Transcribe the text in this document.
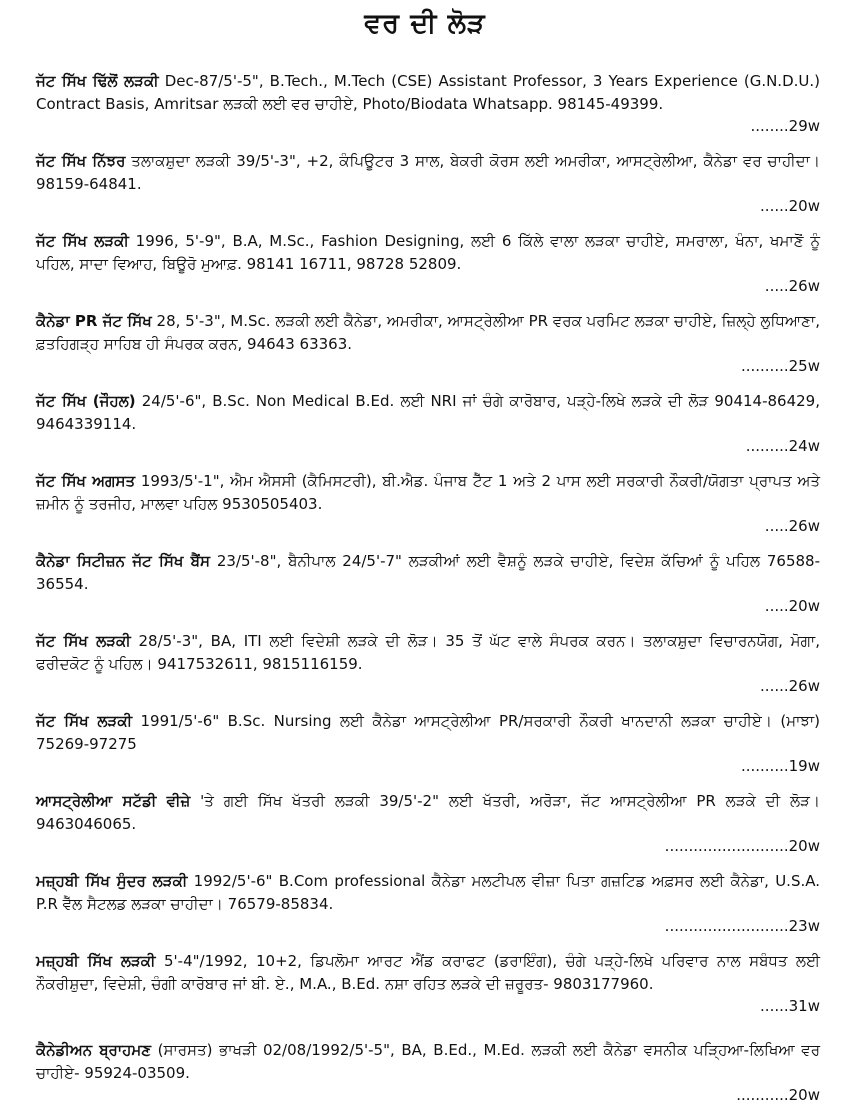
ਵਰ ਦੀ ਲੋੜ
ਜੱਟ ਸਿੱਖ ਢਿੱਲੋਂ ਲੜਕੀ Dec-87/5'-5", B.Tech., M.Tech (CSE) Assistant Professor, 3 Years Experience (G.N.D.U.) Contract Basis, Amritsar ਲੜਕੀ ਲਈ ਵਰ ਚਾਹੀਏ, Photo/Biodata Whatsapp. 98145-49399.
........29w
ਜੱਟ ਸਿੱਖ ਨਿੱਝਰ ਤਲਾਕਸ਼ੁਦਾ ਲੜਕੀ 39/5'-3", +2, ਕੰਪਿਊਟਰ 3 ਸਾਲ, ਬੇਕਰੀ ਕੋਰਸ ਲਈ ਅਮਰੀਕਾ, ਆਸਟ੍ਰੇਲੀਆ, ਕੈਨੇਡਾ ਵਰ ਚਾਹੀਦਾ। 98159-64841.
......20w
ਜੱਟ ਸਿੱਖ ਲੜਕੀ 1996, 5'-9", B.A, M.Sc., Fashion Designing, ਲਈ 6 ਕਿੱਲੇ ਵਾਲਾ ਲੜਕਾ ਚਾਹੀਏ, ਸਮਰਾਲਾ, ਖੰਨਾ, ਖਮਾਣੋਂ ਨੂੰ ਪਹਿਲ, ਸਾਦਾ ਵਿਆਹ, ਬਿਊਰੋ ਮੁਆਫ਼. 98141 16711, 98728 52809.
.....26w
ਕੈਨੇਡਾ PR ਜੱਟ ਸਿੱਖ 28, 5'-3", M.Sc. ਲੜਕੀ ਲਈ ਕੈਨੇਡਾ, ਅਮਰੀਕਾ, ਆਸਟ੍ਰੇਲੀਆ PR ਵਰਕ ਪਰਮਿਟ ਲੜਕਾ ਚਾਹੀਏ, ਜ਼ਿਲ੍ਹੇ ਲੁਧਿਆਣਾ, ਫ਼ਤਹਿਗੜ੍ਹ ਸਾਹਿਬ ਹੀ ਸੰਪਰਕ ਕਰਨ, 94643 63363.
..........25w
ਜੱਟ ਸਿੱਖ (ਜੌਹਲ) 24/5'-6", B.Sc. Non Medical B.Ed. ਲਈ NRI ਜਾਂ ਚੰਗੇ ਕਾਰੋਬਾਰ, ਪੜ੍ਹੇ-ਲਿਖੇ ਲੜਕੇ ਦੀ ਲੋੜ 90414-86429, 9464339114.
.........24w
ਜੱਟ ਸਿੱਖ ਅਗਸਤ 1993/5'-1", ਐਮ ਐਸਸੀ (ਕੈਮਿਸਟਰੀ), ਬੀ.ਐਡ. ਪੰਜਾਬ ਟੈੱਟ 1 ਅਤੇ 2 ਪਾਸ ਲਈ ਸਰਕਾਰੀ ਨੌਕਰੀ/ਯੋਗਤਾ ਪ੍ਰਾਪਤ ਅਤੇ ਜ਼ਮੀਨ ਨੂੰ ਤਰਜੀਹ, ਮਾਲਵਾ ਪਹਿਲ 9530505403.
.....26w
ਕੈਨੇਡਾ ਸਿਟੀਜ਼ਨ ਜੱਟ ਸਿੱਖ ਬੈਂਸ 23/5'-8", ਬੈਨੀਪਾਲ 24/5'-7" ਲੜਕੀਆਂ ਲਈ ਵੈਸ਼ਨੂੰ ਲੜਕੇ ਚਾਹੀਏ, ਵਿਦੇਸ਼ ਕੱਚਿਆਂ ਨੂੰ ਪਹਿਲ 76588-36554.
.....20w
ਜੱਟ ਸਿੱਖ ਲੜਕੀ 28/5'-3", BA, ITI ਲਈ ਵਿਦੇਸ਼ੀ ਲੜਕੇ ਦੀ ਲੋੜ। 35 ਤੋਂ ਘੱਟ ਵਾਲੇ ਸੰਪਰਕ ਕਰਨ। ਤਲਾਕਸ਼ੁਦਾ ਵਿਚਾਰਨਯੋਗ, ਮੋਗਾ, ਫਰੀਦਕੋਟ ਨੂੰ ਪਹਿਲ। 9417532611, 9815116159.
......26w
ਜੱਟ ਸਿੱਖ ਲੜਕੀ 1991/5'-6" B.Sc. Nursing ਲਈ ਕੈਨੇਡਾ ਆਸਟ੍ਰੇਲੀਆ PR/ਸਰਕਾਰੀ ਨੌਕਰੀ ਖਾਨਦਾਨੀ ਲੜਕਾ ਚਾਹੀਏ। (ਮਾਝਾ) 75269-97275
..........19w
ਆਸਟ੍ਰੇਲੀਆ ਸਟੱਡੀ ਵੀਜ਼ੇ 'ਤੇ ਗਈ ਸਿੱਖ ਖੱਤਰੀ ਲੜਕੀ 39/5'-2" ਲਈ ਖੱਤਰੀ, ਅਰੋੜਾ, ਜੱਟ ਆਸਟ੍ਰੇਲੀਆ PR ਲੜਕੇ ਦੀ ਲੋੜ। 9463046065.
..........................20w
ਮਜ਼੍ਹਬੀ ਸਿੱਖ ਸੁੰਦਰ ਲੜਕੀ 1992/5'-6" B.Com professional ਕੈਨੇਡਾ ਮਲਟੀਪਲ ਵੀਜ਼ਾ ਪਿਤਾ ਗਜ਼ਟਿਡ ਅਫ਼ਸਰ ਲਈ ਕੈਨੇਡਾ, U.S.A. P.R ਵੈੱਲ ਸੈਟਲਡ ਲੜਕਾ ਚਾਹੀਦਾ। 76579-85834.
..........................23w
ਮਜ਼੍ਹਬੀ ਸਿੱਖ ਲੜਕੀ 5'-4"/1992, 10+2, ਡਿਪਲੋਮਾ ਆਰਟ ਐਂਡ ਕਰਾਫਟ (ਡਰਾਇੰਗ), ਚੰਗੇ ਪੜ੍ਹੇ-ਲਿਖੇ ਪਰਿਵਾਰ ਨਾਲ ਸਬੰਧਤ ਲਈ ਨੌਕਰੀਸ਼ੁਦਾ, ਵਿਦੇਸ਼ੀ, ਚੰਗੀ ਕਾਰੋਬਾਰ ਜਾਂ ਬੀ. ਏ., M.A., B.Ed. ਨਸ਼ਾ ਰਹਿਤ ਲੜਕੇ ਦੀ ਜ਼ਰੂਰਤ- 9803177960.
......31w
ਕੈਨੇਡੀਅਨ ਬ੍ਰਾਹਮਣ (ਸਾਰਸਤ) ਭਾਖੜੀ 02/08/1992/5'-5", BA, B.Ed., M.Ed. ਲੜਕੀ ਲਈ ਕੈਨੇਡਾ ਵਸਨੀਕ ਪੜ੍ਹਿਆ-ਲਿਖਿਆ ਵਰ ਚਾਹੀਏ- 95924-03509.
...........20w
